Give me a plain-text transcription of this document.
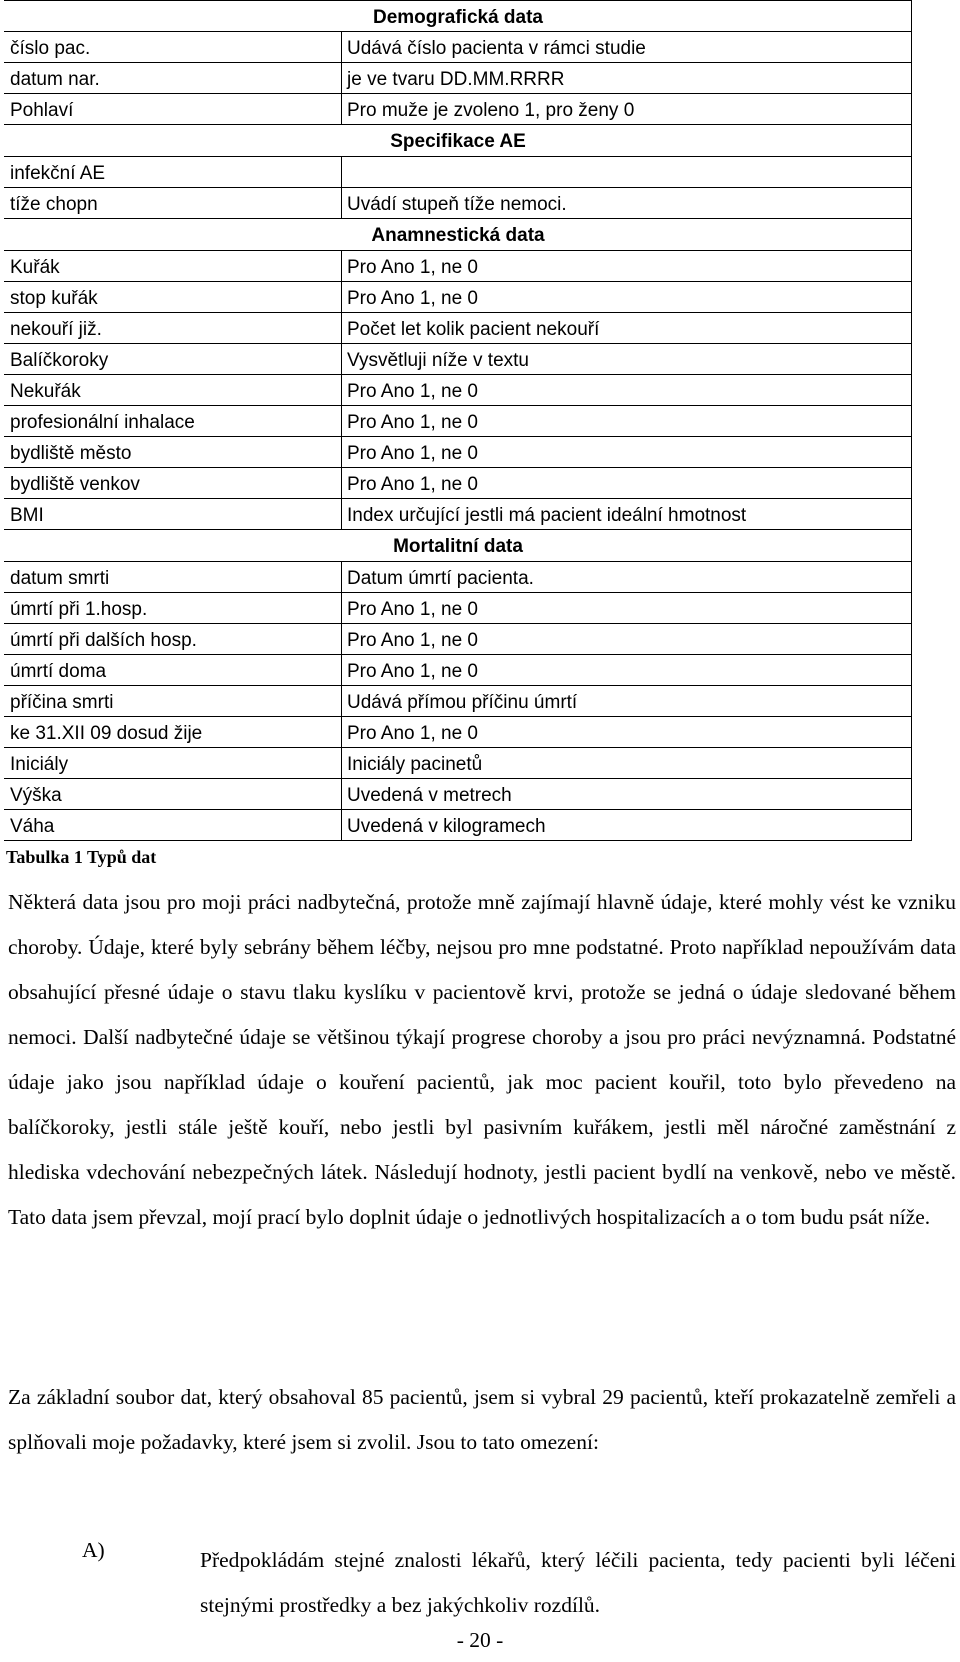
Demografická data
číslo pac.	Udává číslo pacienta v rámci studie
datum nar.	je ve tvaru DD.MM.RRRR
Pohlaví	Pro muže je zvoleno 1, pro ženy 0
Specifikace AE
infekční AE
tíže chopn	Uvádí stupeň tíže nemoci.
Anamnestická data
Kuřák	Pro Ano 1, ne 0
stop kuřák	Pro Ano 1, ne 0
nekouří již.	Počet let kolik pacient nekouří
Balíčkoroky	Vysvětluji níže v textu
Nekuřák	Pro Ano 1, ne 0
profesionální inhalace	Pro Ano 1, ne 0
bydliště město	Pro Ano 1, ne 0
bydliště venkov	Pro Ano 1, ne 0
BMI	Index určující jestli má pacient ideální hmotnost
Mortalitní data
datum smrti	Datum úmrtí pacienta.
úmrtí při 1.hosp.	Pro Ano 1, ne 0
úmrtí při dalších hosp.	Pro Ano 1, ne 0
úmrtí doma	Pro Ano 1, ne 0
příčina smrti	Udává přímou příčinu úmrtí
ke 31.XII 09 dosud žije	Pro Ano 1, ne 0
Iniciály	Iniciály pacinetů
Výška	Uvedená v metrech
Váha	Uvedená v kilogramech
Tabulka 1 Typů dat
Některá data jsou pro moji práci nadbytečná, protože mně zajímají hlavně údaje, které mohly vést ke vzniku choroby. Údaje, které byly sebrány během léčby, nejsou pro mne podstatné. Proto například nepoužívám data obsahující přesné údaje o stavu tlaku kyslíku v pacientově krvi, protože se jedná o údaje sledované během nemoci. Další nadbytečné údaje se většinou týkají progrese choroby a jsou pro práci nevýznamná. Podstatné údaje jako jsou například údaje o kouření pacientů, jak moc pacient kouřil, toto bylo převedeno na balíčkoroky, jestli stále ještě kouří, nebo jestli byl pasivním kuřákem, jestli měl náročné zaměstnání z hlediska vdechování nebezpečných látek. Následují hodnoty, jestli pacient bydlí na venkově, nebo ve městě. Tato data jsem převzal, mojí prací bylo doplnit údaje o jednotlivých hospitalizacích a o tom budu psát níže.
Za základní soubor dat, který obsahoval 85 pacientů, jsem si vybral 29 pacientů, kteří prokazatelně zemřeli a splňovali moje požadavky, které jsem si zvolil. Jsou to tato omezení:
A)	Předpokládám stejné znalosti lékařů, který léčili pacienta, tedy pacienti byli léčeni stejnými prostředky a bez jakýchkoliv rozdílů.
- 20 -
